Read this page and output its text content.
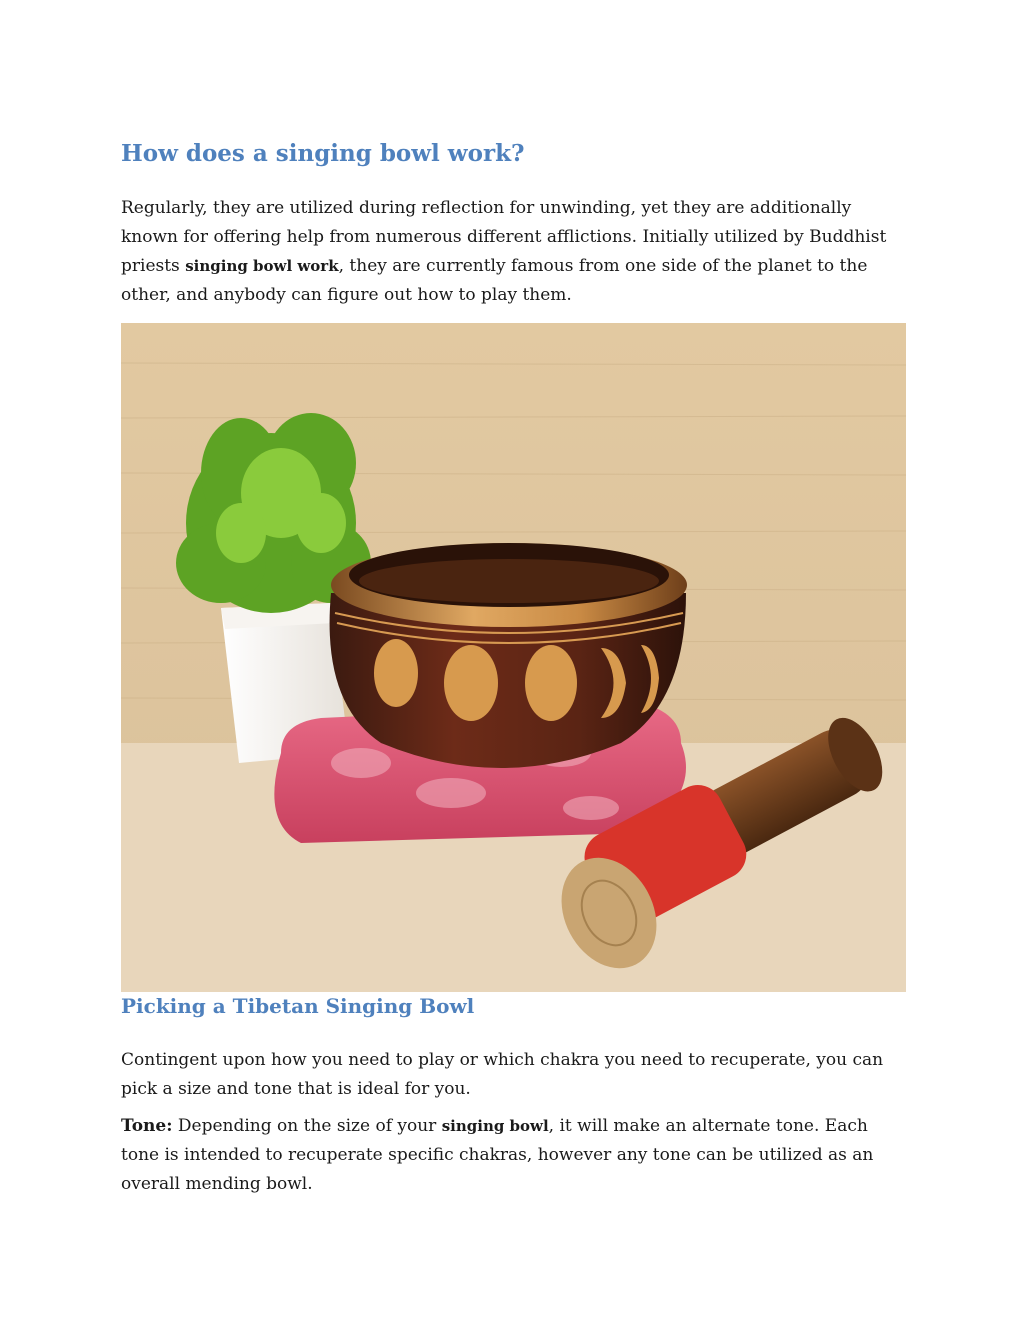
How does a singing bowl work?

Regularly, they are utilized during reflection for unwinding, yet they are additionally known for offering help from numerous different afflictions. Initially utilized by Buddhist priests singing bowl work, they are currently famous from one side of the planet to the other, and anybody can figure out how to play them.

Picking a Tibetan Singing Bowl

Contingent upon how you need to play or which chakra you need to recuperate, you can pick a size and tone that is ideal for you.

Tone: Depending on the size of your singing bowl, it will make an alternate tone. Each tone is intended to recuperate specific chakras, however any tone can be utilized as an overall mending bowl.
